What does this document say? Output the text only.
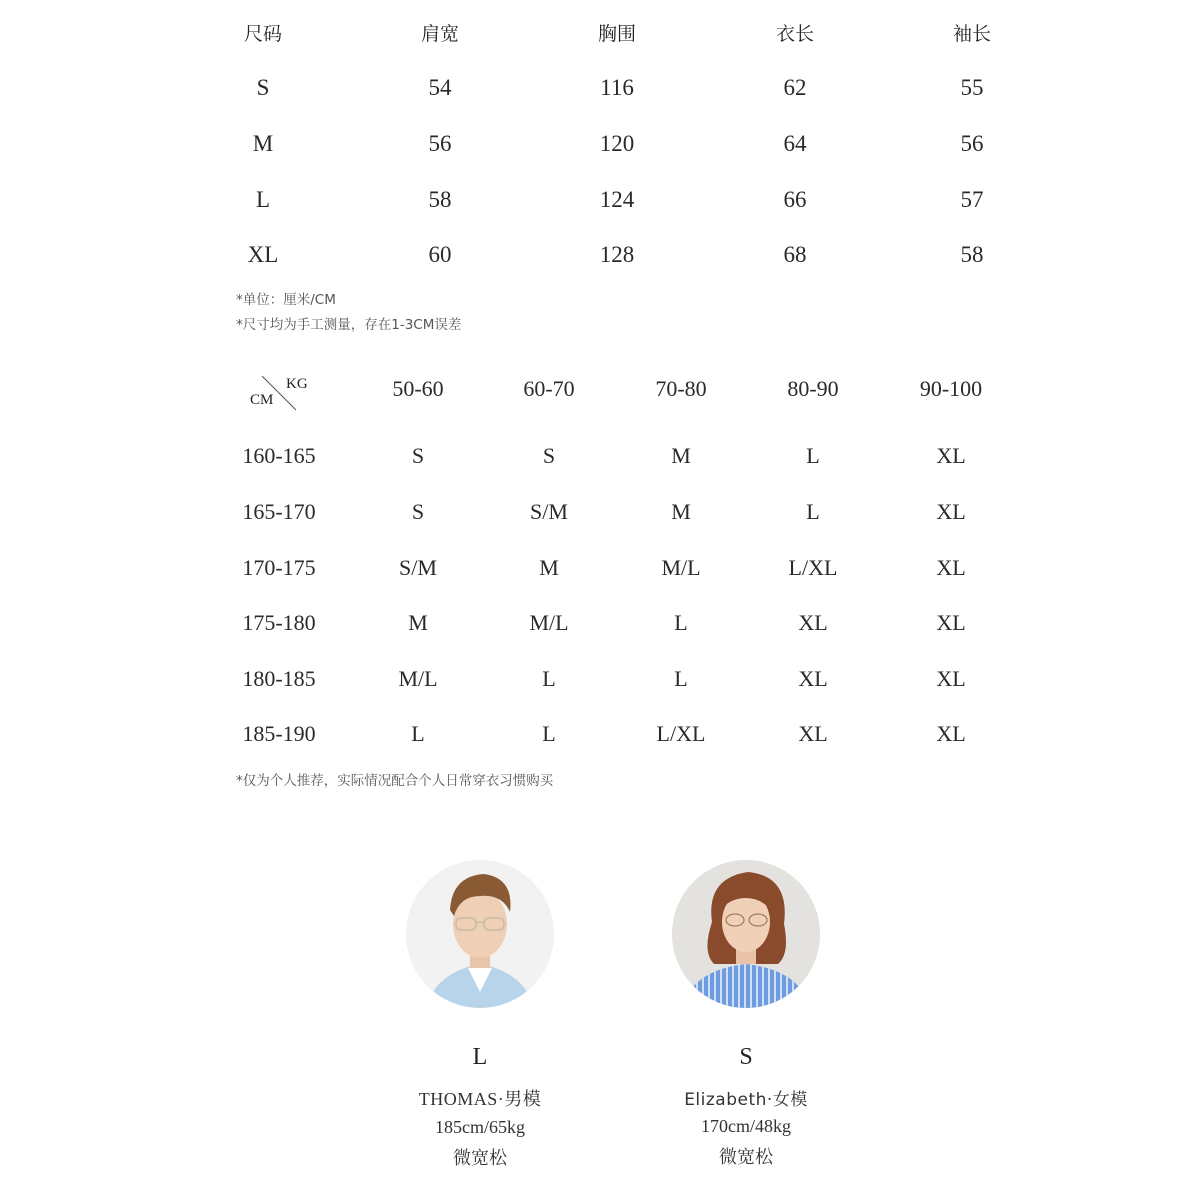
尺码	肩宽	胸围	衣长	袖长
S	54	116	62	55
M	56	120	64	56
L	58	124	66	57
XL	60	128	68	58
*单位：厘米/CM
*尺寸均为手工测量，存在1-3CM误差
KG
CM	50-60	60-70	70-80	80-90	90-100
160-165	S	S	M	L	XL
165-170	S	S/M	M	L	XL
170-175	S/M	M	M/L	L/XL	XL
175-180	M	M/L	L	XL	XL
180-185	M/L	L	L	XL	XL
185-190	L	L	L/XL	XL	XL
*仅为个人推荐，实际情况配合个人日常穿衣习惯购买
L
THOMAS·男模
185cm/65kg
微宽松
S
Elizabeth·女模
170cm/48kg
微宽松
